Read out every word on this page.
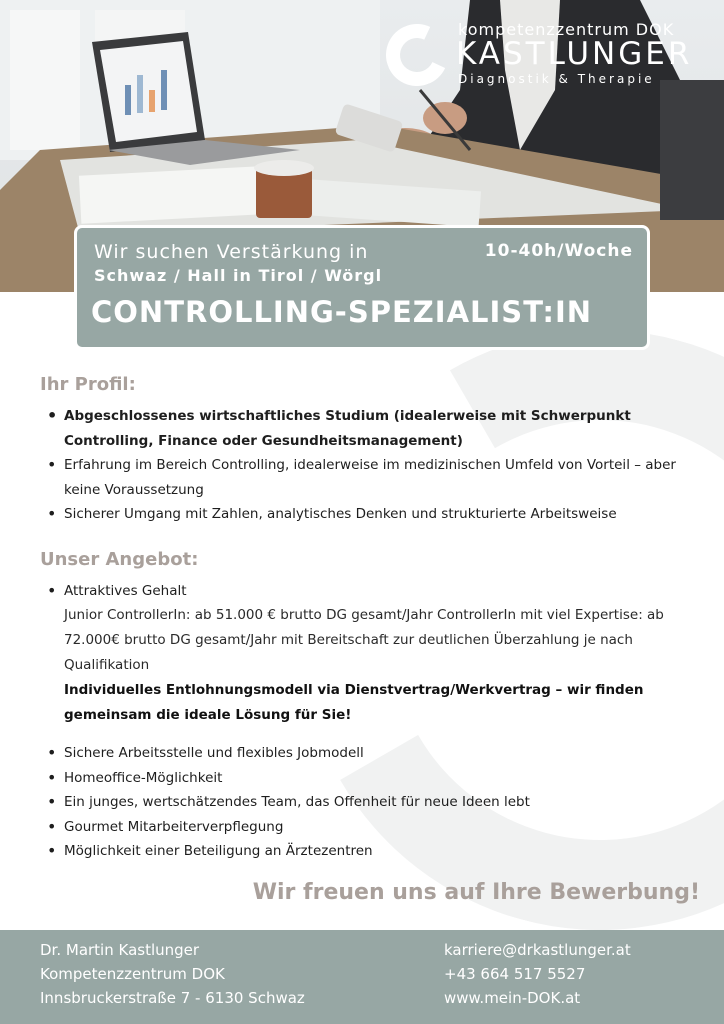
kompetenzzentrum DOK
KASTLUNGER
Diagnostik & Therapie
Wir suchen Verstärkung in
Schwaz / Hall in Tirol / Wörgl
10-40h/Woche
CONTROLLING-SPEZIALIST:IN
Ihr Profil:
• Abgeschlossenes wirtschaftliches Studium (idealerweise mit Schwerpunkt Controlling, Finance oder Gesundheitsmanagement)
• Erfahrung im Bereich Controlling, idealerweise im medizinischen Umfeld von Vorteil – aber keine Voraussetzung
• Sicherer Umgang mit Zahlen, analytisches Denken und strukturierte Arbeitsweise
Unser Angebot:
• Attraktives Gehalt
Junior ControllerIn: ab 51.000 € brutto DG gesamt/Jahr ControllerIn mit viel Expertise: ab 72.000€ brutto DG gesamt/Jahr mit Bereitschaft zur deutlichen Überzahlung je nach Qualifikation
Individuelles Entlohnungsmodell via Dienstvertrag/Werkvertrag – wir finden gemeinsam die ideale Lösung für Sie!
• Sichere Arbeitsstelle und flexibles Jobmodell
• Homeoffice-Möglichkeit
• Ein junges, wertschätzendes Team, das Offenheit für neue Ideen lebt
• Gourmet Mitarbeiterverpflegung
• Möglichkeit einer Beteiligung an Ärztezentren
Wir freuen uns auf Ihre Bewerbung!
Dr. Martin Kastlunger
Kompetenzzentrum DOK
Innsbruckerstraße 7 - 6130 Schwaz
karriere@drkastlunger.at
+43 664 517 5527
www.mein-DOK.at
